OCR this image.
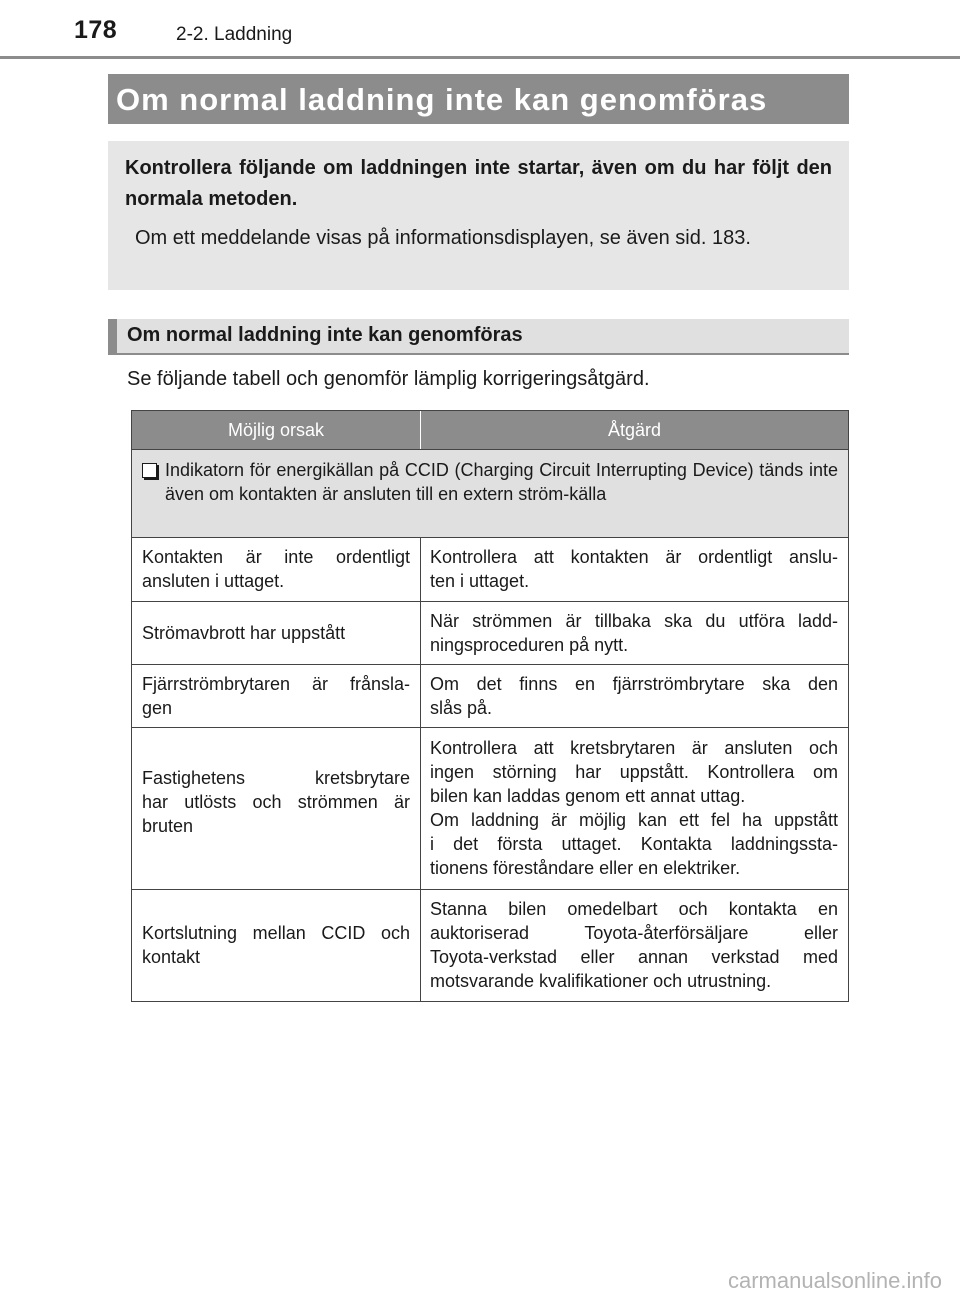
178	2-2. Laddning
Om normal laddning inte kan genomföras
Kontrollera följande om laddningen inte startar, även om du har följt den normala metoden.
Om ett meddelande visas på informationsdisplayen, se även sid. 183.
Om normal laddning inte kan genomföras
Se följande tabell och genomför lämplig korrigeringsåtgärd.
Möjlig orsak	Åtgärd
Indikatorn för energikällan på CCID (Charging Circuit Interrupting Device) tänds inte även om kontakten är ansluten till en extern ström-källa
Kontakten är inte ordentligt
ansluten i uttaget.
Kontrollera att kontakten är ordentligt anslu-
ten i uttaget.
Strömavbrott har uppstått
När strömmen är tillbaka ska du utföra ladd-
ningsproceduren på nytt.
Fjärrströmbrytaren är frånsla-
gen
Om det finns en fjärrströmbrytare ska den
slås på.
Fastighetens kretsbrytare
har utlösts och strömmen är
bruten
Kontrollera att kretsbrytaren är ansluten och
ingen störning har uppstått. Kontrollera om
bilen kan laddas genom ett annat uttag.
Om laddning är möjlig kan ett fel ha uppstått
i det första uttaget. Kontakta laddningssta-
tionens föreståndare eller en elektriker.
Kortslutning mellan CCID och
kontakt
Stanna bilen omedelbart och kontakta en
auktoriserad Toyota-återförsäljare eller
Toyota-verkstad eller annan verkstad med
motsvarande kvalifikationer och utrustning.
carmanualsonline.info
